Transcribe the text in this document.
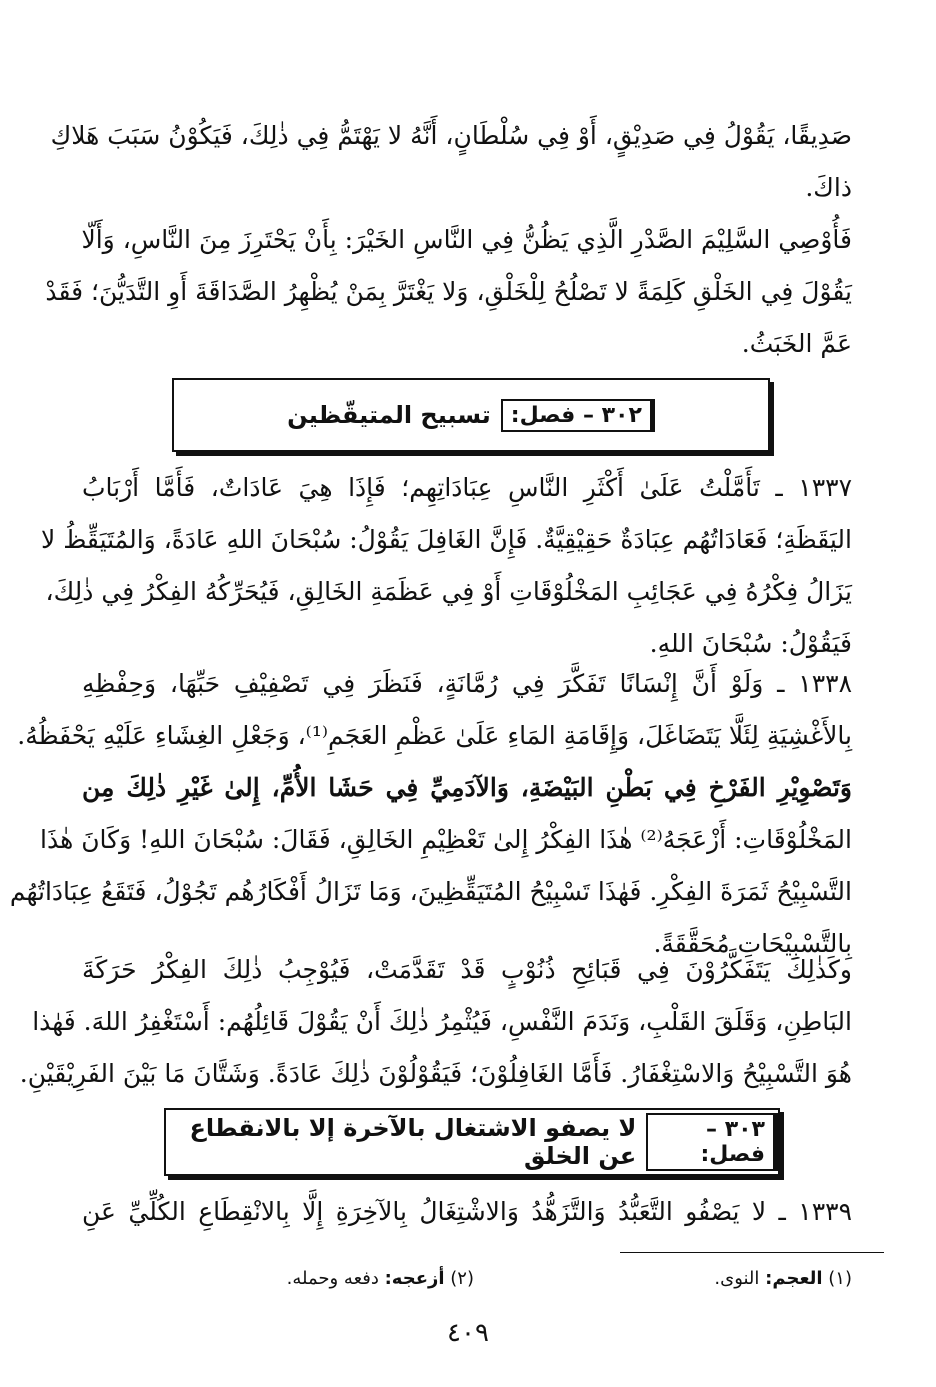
صَدِيقًا، يَقُوْلُ فِي صَدِيْقٍ، أَوْ فِي سُلْطَانٍ، أَنَّهُ لا يَهْتَمُّ فِي ذٰلِكَ، فَيَكُوْنُ سَبَبَ هَلاكِ
ذاكَ.
فَأُوْصِي السَّلِيْمَ الصَّدْرِ الَّذِي يَظُنُّ فِي النَّاسِ الخَيْرَ: بِأَنْ يَحْتَرِزَ مِنَ النَّاسِ، وَأَلّا
يَقُوْلَ فِي الخَلْقِ كَلِمَةً لا تَصْلُحُ لِلْخَلْقِ، وَلا يَغْتَرَّ بِمَنْ يُظْهِرُ الصَّدَاقَةَ أَوِ التَّدَيُّنَ؛ فَقَدْ
عَمَّ الخَبَثُ.
٣٠٢ – فصل:
تسبيح المتيقّظين
١٣٣٧ ـ تَأَمَّلْتُ عَلَىٰ أَكْثَرِ النَّاسِ عِبَادَاتِهِم؛ فَإِذَا هِيَ عَادَاتٌ، فَأَمَّا أَرْبَابُ
اليَقَظَةِ؛ فَعَادَاتُهُم عِبَادَةٌ حَقِيْقِيَّةٌ. فَإِنَّ الغَافِلَ يَقُوْلُ: سُبْحَانَ اللهِ عَادَةً، وَالمُتَيَقِّظُ لا
يَزَالُ فِكْرُهُ فِي عَجَائِبِ المَخْلُوْقَاتِ أَوْ فِي عَظَمَةِ الخَالِقِ، فَيُحَرِّكُهُ الفِكْرُ فِي ذٰلِكَ،
فَيَقُوْلُ: سُبْحَانَ اللهِ.
١٣٣٨ ـ وَلَوْ أَنَّ إِنْسَانًا تَفَكَّرَ فِي رُمَّانَةٍ، فَنَظَرَ فِي تَصْفِيْفِ حَبِّهَا، وَحِفْظِهِ
بِالأَغْشِيَةِ لِئَلَّا يَتَضَاغَلَ، وَإِقَامَةِ المَاءِ عَلَىٰ عَظْمِ العَجَمِ⁽¹⁾، وَجَعْلِ الغِشَاءِ عَلَيْهِ يَحْفَظُهُ.
وَتَصْوِيْرِ الفَرْخِ فِي بَطْنِ البَيْضَةِ، وَالآدَمِيِّ فِي حَشَا الأُمِّ، إِلىٰ غَيْرِ ذٰلِكَ مِن
المَخْلُوْقَاتِ: أَزْعَجَهُ⁽²⁾ هٰذَا الفِكْرُ إِلىٰ تَعْظِيْمِ الخَالِقِ، فَقَالَ: سُبْحَانَ اللهِ! وَكَانَ هٰذَا
التَّسْبِيْحُ ثَمَرَةَ الفِكْرِ. فَهٰذَا تَسْبِيْحُ المُتَيَقِّظِينَ، وَمَا تَزَالُ أَفْكَارُهُم تَجُوْلُ، فَتَقَعُ عِبَادَاتُهُم
بِالتَّسْبِيْحَاتِ مُحَقَّقَةً.
وكَذٰلِكَ يَتَفَكَّرُوْنَ فِي قَبَائِحِ ذُنُوْبٍ قَدْ تَقَدَّمَتْ، فَيُوْجِبُ ذٰلِكَ الفِكْرُ حَرَكَةَ
البَاطِنِ، وَقَلَقَ القَلْبِ، وَنَدَمَ النَّفْسِ، فَيُثْمِرُ ذٰلِكَ أَنْ يَقُوْلَ قَائِلُهُم: أَسْتَغْفِرُ اللهَ. فَهٰذا
هُوَ التَّسْبِيْحُ وَالاسْتِغْفَارُ. فَأَمَّا الغَافِلُوْنَ؛ فَيَقُوْلُوْنَ ذٰلِكَ عَادَةً. وَشَتَّانَ مَا بَيْنَ الفَرِيْقَيْنِ.
٣٠٣ – فصل:
لا يصفو الاشتغال بالآخرة إلا بالانقطاع عن الخلق
١٣٣٩ ـ لا يَصْفُو التَّعَبُّدُ وَالتَّزَهُّدُ وَالاشْتِغَالُ بِالآخِرَةِ إِلَّا بِالانْقِطَاعِ الكُلِّيِّ عَنِ
(١) العجم: النوى.
(٢) أزعجه: دفعه وحمله.
٤٠٩
